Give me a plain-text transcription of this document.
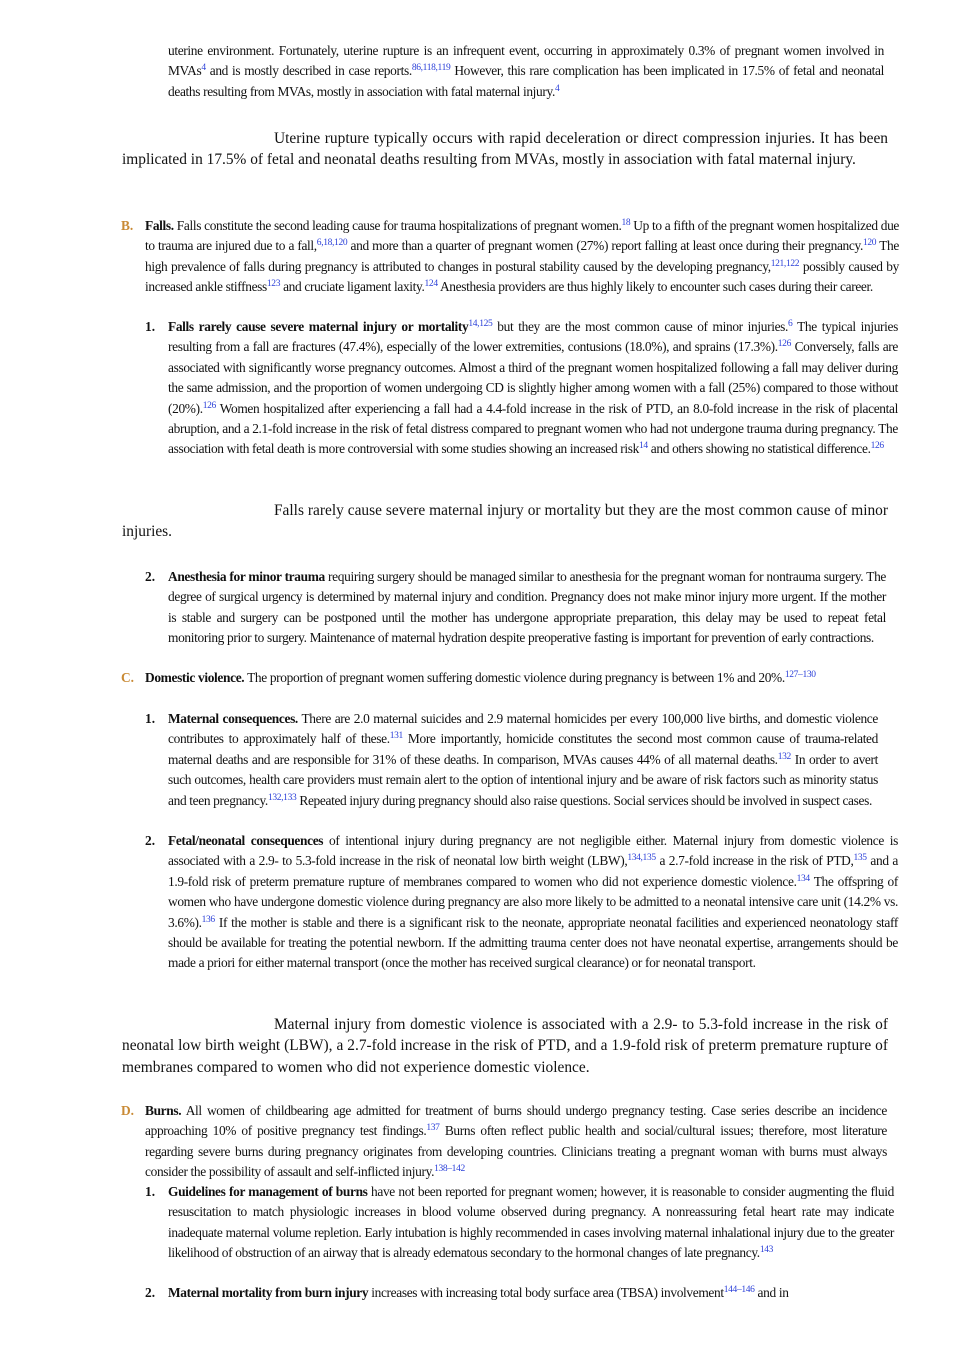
uterine environment. Fortunately, uterine rupture is an infrequent event, occurring in approximately 0.3% of pregnant women involved in MVAs$^4$ and is mostly described in case reports.$^{86,118,119}$ However, this rare complication has been implicated in 17.5% of fetal and neonatal deaths resulting from MVAs, mostly in association with fatal maternal injury.$^4$
Uterine rupture typically occurs with rapid deceleration or direct compression injuries. It has been implicated in 17.5% of fetal and neonatal deaths resulting from MVAs, mostly in association with fatal maternal injury.
B. Falls. Falls constitute the second leading cause for trauma hospitalizations of pregnant women.$^{18}$ Up to a fifth of the pregnant women hospitalized due to trauma are injured due to a fall,$^{6,18,120}$ and more than a quarter of pregnant women (27%) report falling at least once during their pregnancy.$^{120}$ The high prevalence of falls during pregnancy is attributed to changes in postural stability caused by the developing pregnancy,$^{121,122}$ possibly caused by increased ankle stiffness$^{123}$ and cruciate ligament laxity.$^{124}$ Anesthesia providers are thus highly likely to encounter such cases during their career.
1. Falls rarely cause severe maternal injury or mortality$^{14,125}$ but they are the most common cause of minor injuries.$^6$ The typical injuries resulting from a fall are fractures (47.4%), especially of the lower extremities, contusions (18.0%), and sprains (17.3%).$^{126}$ Conversely, falls are associated with significantly worse pregnancy outcomes. Almost a third of the pregnant women hospitalized following a fall may deliver during the same admission, and the proportion of women undergoing CD is slightly higher among women with a fall (25%) compared to those without (20%).$^{126}$ Women hospitalized after experiencing a fall had a 4.4-fold increase in the risk of PTD, an 8.0-fold increase in the risk of placental abruption, and a 2.1-fold increase in the risk of fetal distress compared to pregnant women who had not undergone trauma during pregnancy. The association with fetal death is more controversial with some studies showing an increased risk$^{14}$ and others showing no statistical difference.$^{126}$
Falls rarely cause severe maternal injury or mortality but they are the most common cause of minor injuries.
2. Anesthesia for minor trauma requiring surgery should be managed similar to anesthesia for the pregnant woman for nontrauma surgery. The degree of surgical urgency is determined by maternal injury and condition. Pregnancy does not make minor injury more urgent. If the mother is stable and surgery can be postponed until the mother has undergone appropriate preparation, this delay may be used to repeat fetal monitoring prior to surgery. Maintenance of maternal hydration despite preoperative fasting is important for prevention of early contractions.
C. Domestic violence. The proportion of pregnant women suffering domestic violence during pregnancy is between 1% and 20%.$^{127-130}$
1. Maternal consequences. There are 2.0 maternal suicides and 2.9 maternal homicides per every 100,000 live births, and domestic violence contributes to approximately half of these.$^{131}$ More importantly, homicide constitutes the second most common cause of trauma-related maternal deaths and are responsible for 31% of these deaths. In comparison, MVAs causes 44% of all maternal deaths.$^{132}$ In order to avert such outcomes, health care providers must remain alert to the option of intentional injury and be aware of risk factors such as minority status and teen pregnancy.$^{132,133}$ Repeated injury during pregnancy should also raise questions. Social services should be involved in suspect cases.
2. Fetal/neonatal consequences of intentional injury during pregnancy are not negligible either. Maternal injury from domestic violence is associated with a 2.9- to 5.3-fold increase in the risk of neonatal low birth weight (LBW),$^{134,135}$ a 2.7-fold increase in the risk of PTD,$^{135}$ and a 1.9-fold risk of preterm premature rupture of membranes compared to women who did not experience domestic violence.$^{134}$ The offspring of women who have undergone domestic violence during pregnancy are also more likely to be admitted to a neonatal intensive care unit (14.2% vs. 3.6%).$^{136}$ If the mother is stable and there is a significant risk to the neonate, appropriate neonatal facilities and experienced neonatology staff should be available for treating the potential newborn. If the admitting trauma center does not have neonatal expertise, arrangements should be made a priori for either maternal transport (once the mother has received surgical clearance) or for neonatal transport.
Maternal injury from domestic violence is associated with a 2.9- to 5.3-fold increase in the risk of neonatal low birth weight (LBW), a 2.7-fold increase in the risk of PTD, and a 1.9-fold risk of preterm premature rupture of membranes compared to women who did not experience domestic violence.
D. Burns. All women of childbearing age admitted for treatment of burns should undergo pregnancy testing. Case series describe an incidence approaching 10% of positive pregnancy test findings.$^{137}$ Burns often reflect public health and social/cultural issues; therefore, most literature regarding severe burns during pregnancy originates from developing countries. Clinicians treating a pregnant woman with burns must always consider the possibility of assault and self-inflicted injury.$^{138-142}$
1. Guidelines for management of burns have not been reported for pregnant women; however, it is reasonable to consider augmenting the fluid resuscitation to match physiologic increases in blood volume observed during pregnancy. A nonreassuring fetal heart rate may indicate inadequate maternal volume repletion. Early intubation is highly recommended in cases involving maternal inhalational injury due to the greater likelihood of obstruction of an airway that is already edematous secondary to the hormonal changes of late pregnancy.$^{143}$
2. Maternal mortality from burn injury increases with increasing total body surface area (TBSA) involvement$^{144-146}$ and in
